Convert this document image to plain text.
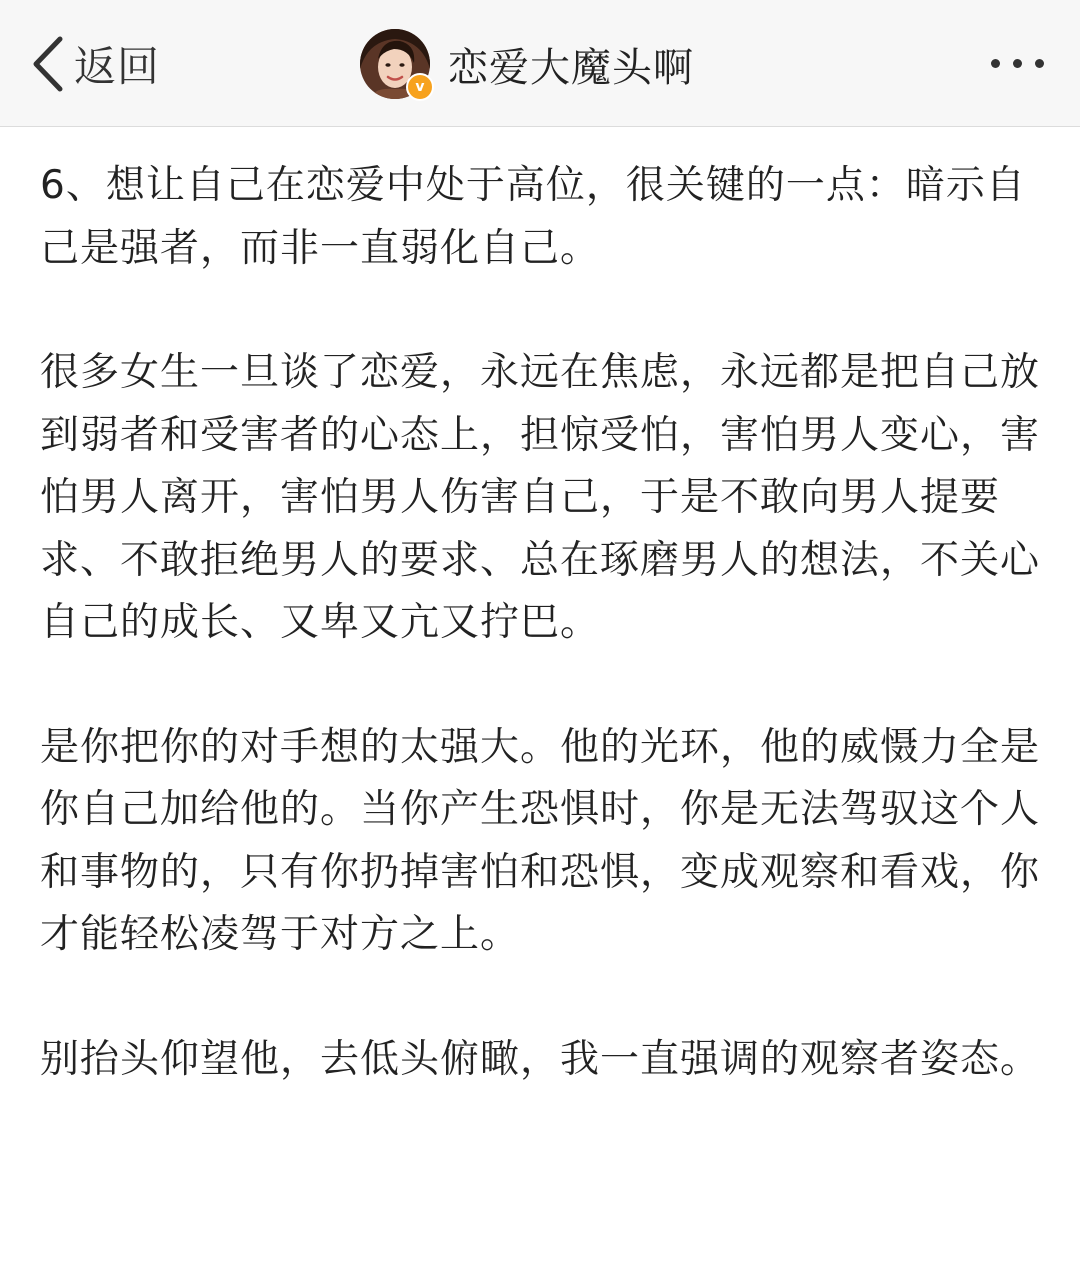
返回	v 恋爱大魔头啊

6、想让自己在恋爱中处于高位，很关键的一点：暗示自己是强者，而非一直弱化自己。

很多女生一旦谈了恋爱，永远在焦虑，永远都是把自己放到弱者和受害者的心态上，担惊受怕，害怕男人变心，害怕男人离开，害怕男人伤害自己，于是不敢向男人提要求、不敢拒绝男人的要求、总在琢磨男人的想法，不关心自己的成长、又卑又亢又拧巴。

是你把你的对手想的太强大。他的光环，他的威慑力全是你自己加给他的。当你产生恐惧时，你是无法驾驭这个人和事物的，只有你扔掉害怕和恐惧，变成观察和看戏，你才能轻松凌驾于对方之上。

别抬头仰望他，去低头俯瞰，我一直强调的观察者姿态。
